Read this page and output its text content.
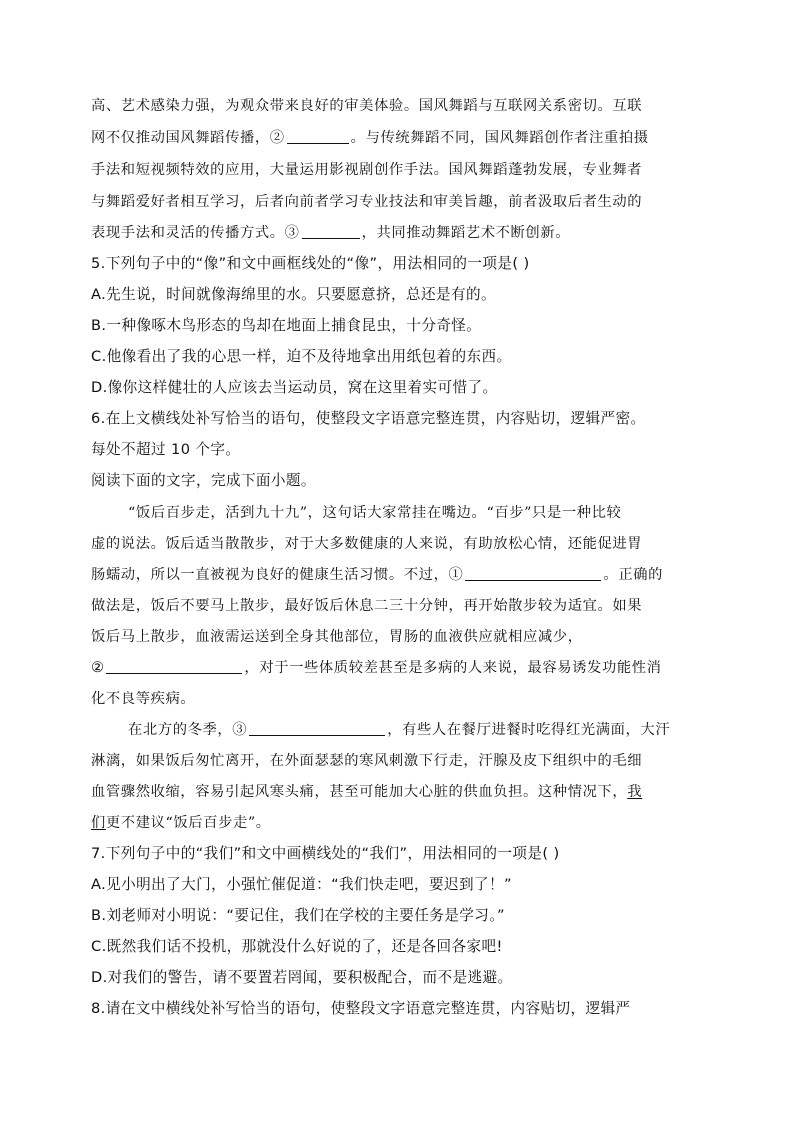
高、艺术感染力强，为观众带来良好的审美体验。国风舞蹈与互联网关系密切。互联
网不仅推动国风舞蹈传播，②	。与传统舞蹈不同，国风舞蹈创作者注重拍摄
手法和短视频特效的应用，大量运用影视剧创作手法。国风舞蹈蓬勃发展，专业舞者
与舞蹈爱好者相互学习，后者向前者学习专业技法和审美旨趣，前者汲取后者生动的
表现手法和灵活的传播方式。③	，共同推动舞蹈艺术不断创新。
5.下列句子中的“像”和文中画框线处的“像”，用法相同的一项是( )
A.先生说，时间就像海绵里的水。只要愿意挤，总还是有的。
B.一种像啄木鸟形态的鸟却在地面上捕食昆虫，十分奇怪。
C.他像看出了我的心思一样，迫不及待地拿出用纸包着的东西。
D.像你这样健壮的人应该去当运动员，窝在这里着实可惜了。
6.在上文横线处补写恰当的语句，使整段文字语意完整连贯，内容贴切，逻辑严密。
每处不超过 10 个字。
阅读下面的文字，完成下面小题。
“饭后百步走，活到九十九”，这句话大家常挂在嘴边。“百步”只是一种比较
虚的说法。饭后适当散散步，对于大多数健康的人来说，有助放松心情，还能促进胃
肠蠕动，所以一直被视为良好的健康生活习惯。不过，①	。正确的
做法是，饭后不要马上散步，最好饭后休息二三十分钟，再开始散步较为适宜。如果
饭后马上散步，血液需运送到全身其他部位，胃肠的血液供应就相应减少，
②	，对于一些体质较差甚至是多病的人来说，最容易诱发功能性消
化不良等疾病。
在北方的冬季，③	，有些人在餐厅进餐时吃得红光满面，大汗
淋漓，如果饭后匆忙离开，在外面瑟瑟的寒风刺激下行走，汗腺及皮下组织中的毛细
血管骤然收缩，容易引起风寒头痛，甚至可能加大心脏的供血负担。这种情况下，我
们更不建议“饭后百步走”。
7.下列句子中的“我们”和文中画横线处的“我们”，用法相同的一项是( )
A.见小明出了大门，小强忙催促道：“我们快走吧，要迟到了！”
B.刘老师对小明说：“要记住，我们在学校的主要任务是学习。”
C.既然我们话不投机，那就没什么好说的了，还是各回各家吧!
D.对我们的警告，请不要置若罔闻，要积极配合，而不是逃避。
8.请在文中横线处补写恰当的语句，使整段文字语意完整连贯，内容贴切，逻辑严
